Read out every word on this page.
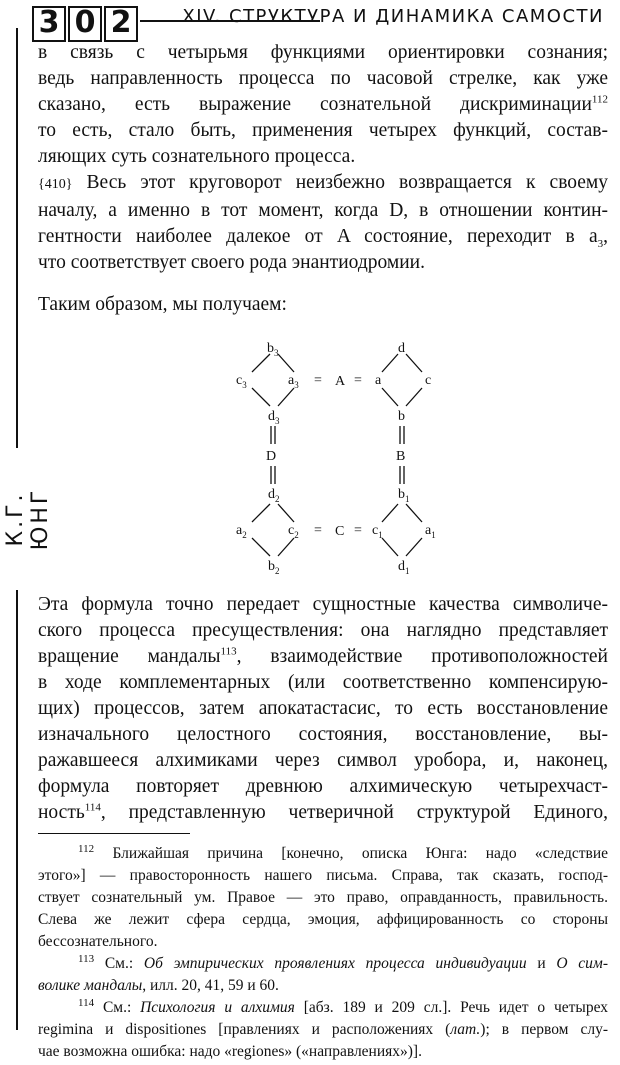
3 0 2	XIV. СТРУКТУРА И ДИНАМИКА САМОСТИ
К.Г. ЮНГ
в связь с четырьмя функциями ориентировки сознания;
ведь направленность процесса по часовой стрелке, как уже
сказано, есть выражение сознательной дискриминации$^{112}$
то есть, стало быть, применения четырех функций, состав-
ляющих суть сознательного процесса.
{410} Весь этот круговорот неизбежно возвращается к своему
началу, а именно в тот момент, когда D, в отношении контин-
гентности наиболее далекое от A состояние, переходит в $a_3$,
что соответствует своего рода энантиодромии.
Таким образом, мы получаем:
$b_3$
$c_3$	$a_3$
$d_3$
= A = a
d
c
b
D	B
$d_2$
$a_2$	$c_2$
$b_2$
= C =
$b_1$
$c_1$	$a_1$
$d_1$
Эта формула точно передает сущностные качества символиче-
ского процесса пресуществления: она наглядно представляет
вращение мандалы$^{113}$, взаимодействие противоположностей
в ходе комплементарных (или соответственно компенсирую-
щих) процессов, затем апокатастасис, то есть восстановление
изначального целостного состояния, восстановление, вы-
ражавшееся алхимиками через символ уробора, и, наконец,
формула повторяет древнюю алхимическую четырехчаст-
ность$^{114}$, представленную четверичной структурой Единого,
$^{112}$ Ближайшая причина [конечно, описка Юнга: надо «следствие
этого»] — правосторонность нашего письма. Справа, так сказать, господ-
ствует сознательный ум. Правое — это право, оправданность, правильность.
Слева же лежит сфера сердца, эмоция, аффицированность со стороны
бессознательного.
$^{113}$ См.: Об эмпирических проявлениях процесса индивидуации и О сим-
волике мандалы, илл. 20, 41, 59 и 60.
$^{114}$ См.: Психология и алхимия [абз. 189 и 209 сл.]. Речь идет о четырех
regimina и dispositiones [правлениях и расположениях (лат.); в первом слу-
чае возможна ошибка: надо «regiones» («направлениях»)].
